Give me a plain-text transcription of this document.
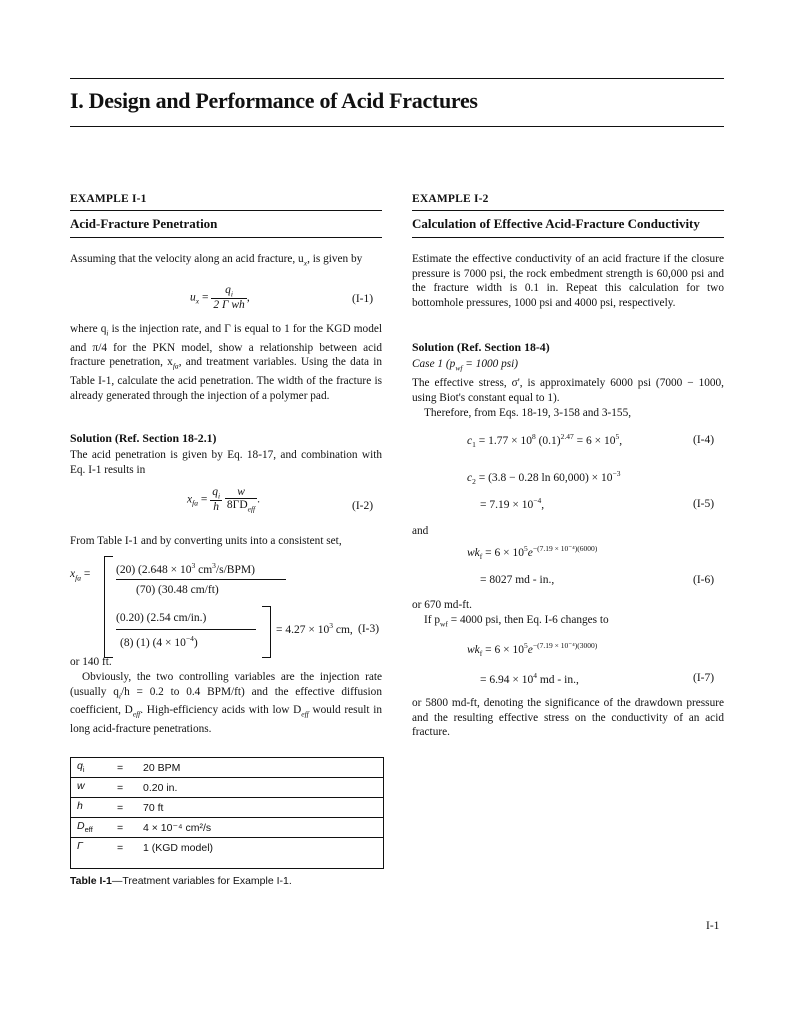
I. Design and Performance of Acid Fractures
EXAMPLE I-1
Acid-Fracture Penetration
Assuming that the velocity along an acid fracture, $u_x$, is given by
$u_x = \frac{q_i}{\text{2 Γ wh}}$ ,	(I-1)
where $q_i$ is the injection rate, and Γ is equal to 1 for the KGD model and π/4 for the PKN model, show a relationship between acid fracture penetration, $x_{fa}$, and treatment variables. Using the data in Table I-1, calculate the acid penetration. The width of the fracture is already generated through the injection of a polymer pad.
Solution (Ref. Section 18-2.1)
The acid penetration is given by Eq. 18-17, and combination with Eq. I-1 results in
$x_{fa} = \frac{q_i}{h}$
$\frac{w}{8\Gamma D_{eff}}$ .
(I-2)
From Table I-1 and by converting units into a consistent set,
$x_{fa} = (20) (2.648 \times 10^3$ $cm^3/s/BPM$)
(70) (30.48 cm/ft)
(0.20) (2.54 cm/in.)
(8) (1) $(4 \times 10^{-4})$
= $4.27 \times 10^3$ cm, (I-3)
or 140 ft.
Obviously, the two controlling variables are the injection rate (usually $q_i/h = 0.2$ to 0.4 BPM/ft) and the effective diffusion coefficient, $D_{eff}$. High-efficiency acids with low $D_{eff}$ would result in long acid-fracture penetrations.
$q_i$	=	20 BPM
w	=	0.20 in.
h	=	70 ft
$D_{eff}$	=	4 × 10⁻⁴ cm²/s
Γ	=	1 (KGD model)
Table I-1—Treatment variables for Example I-1.
EXAMPLE I-2
Calculation of Effective Acid-Fracture Conductivity
Estimate the effective conductivity of an acid fracture if the closure pressure is 7000 psi, the rock embedment strength is 60,000 psi and the fracture width is 0.1 in. Repeat this calculation for two bottomhole pressures, 1000 psi and 4000 psi, respectively.
Solution (Ref. Section 18-4)
Case 1 ($p_{wf} = 1000$ psi)
The effective stress, σ', is approximately 6000 psi (7000 − 1000, using Biot's constant equal to 1).
Therefore, from Eqs. 18-19, 3-158 and 3-155,
$c_1 = 1.77 \times 10^8$ $(0.1)^{2.47} = 6 \times 10^5$,	(I-4)
$c_2 = (3.8 - 0.28$ $\ln 60,000) \times 10^{-3}$
= $7.19 \times 10^{-4}$,	(I-5)
and
$wk_f = 6 \times 10^5e^{-(7.19 \times 10^{-4})(6000)}$
= 8027 md - in.,	(I-6)
or 670 md-ft.
If $p_{wf} = 4000$ psi, then Eq. I-6 changes to
$wk_f = 6 \times 10^5e^{-(7.19 \times 10^{-4})(3000)}$
= $6.94 \times 10^4$ md - in.,	(I-7)
or 5800 md-ft, denoting the significance of the drawdown pressure and the resulting effective stress on the conductivity of an acid fracture.
I-1
